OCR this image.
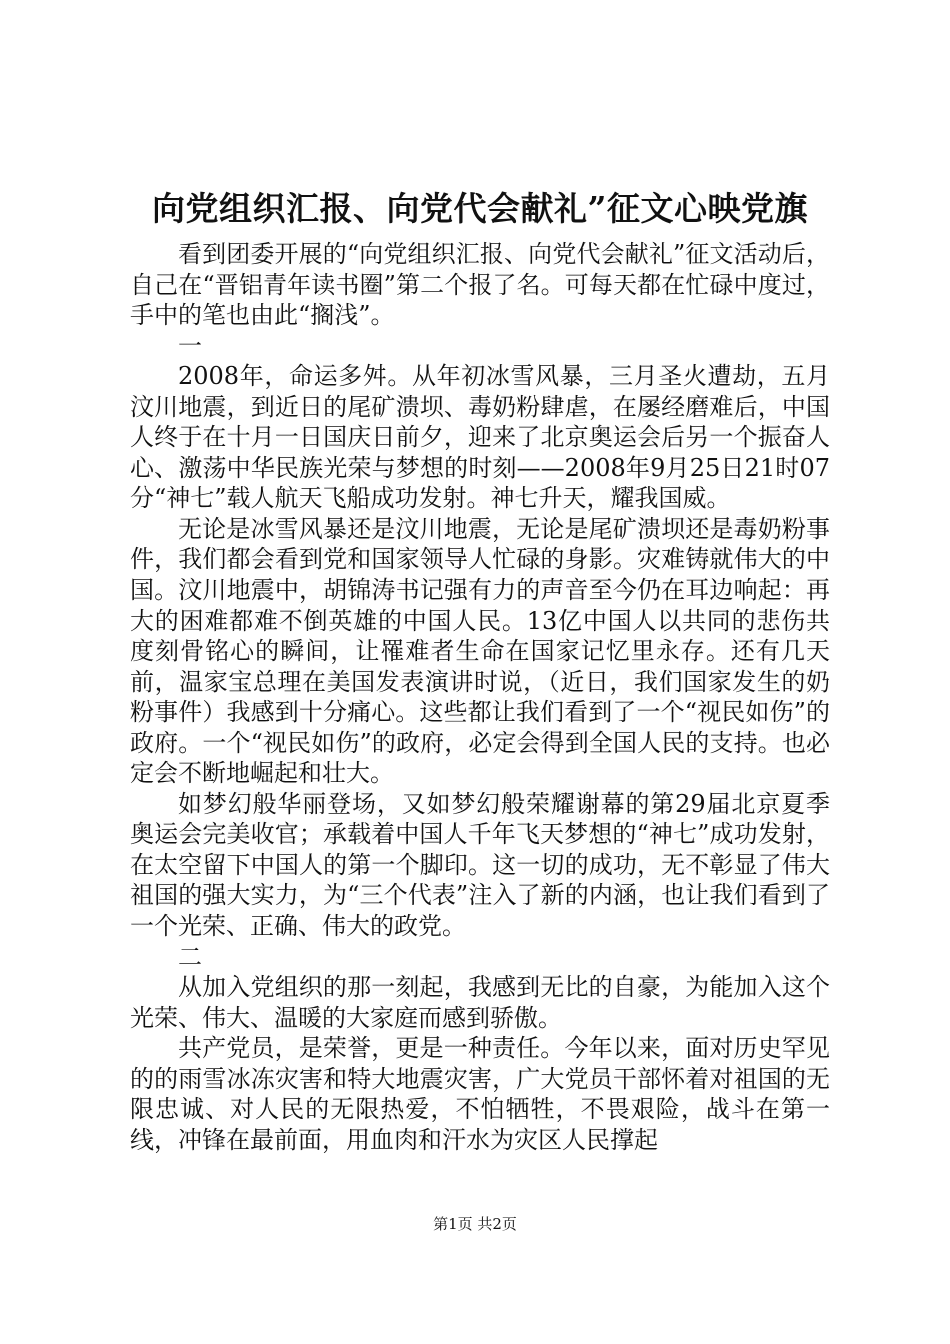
向党组织汇报、向党代会献礼”征文心映党旗

看到团委开展的“向党组织汇报、向党代会献礼”征文活动后，自己在“晋铝青年读书圈”第二个报了名。可每天都在忙碌中度过，手中的笔也由此“搁浅”。

一

2008年，命运多舛。从年初冰雪风暴，三月圣火遭劫，五月汶川地震，到近日的尾矿溃坝、毒奶粉肆虐，在屡经磨难后，中国人终于在十月一日国庆日前夕，迎来了北京奥运会后另一个振奋人心、激荡中华民族光荣与梦想的时刻——2008年9月25日21时07分“神七”载人航天飞船成功发射。神七升天，耀我国威。

无论是冰雪风暴还是汶川地震，无论是尾矿溃坝还是毒奶粉事件，我们都会看到党和国家领导人忙碌的身影。灾难铸就伟大的中国。汶川地震中，胡锦涛书记强有力的声音至今仍在耳边响起：再大的困难都难不倒英雄的中国人民。13亿中国人以共同的悲伤共度刻骨铭心的瞬间，让罹难者生命在国家记忆里永存。还有几天前，温家宝总理在美国发表演讲时说，（近日，我们国家发生的奶粉事件）我感到十分痛心。这些都让我们看到了一个“视民如伤”的政府。一个“视民如伤”的政府，必定会得到全国人民的支持。也必定会不断地崛起和壮大。

如梦幻般华丽登场，又如梦幻般荣耀谢幕的第29届北京夏季奥运会完美收官；承载着中国人千年飞天梦想的“神七”成功发射，在太空留下中国人的第一个脚印。这一切的成功，无不彰显了伟大祖国的强大实力，为“三个代表”注入了新的内涵，也让我们看到了一个光荣、正确、伟大的政党。

二

从加入党组织的那一刻起，我感到无比的自豪，为能加入这个光荣、伟大、温暖的大家庭而感到骄傲。

共产党员，是荣誉，更是一种责任。今年以来，面对历史罕见的的雨雪冰冻灾害和特大地震灾害，广大党员干部怀着对祖国的无限忠诚、对人民的无限热爱，不怕牺牲，不畏艰险，战斗在第一线，冲锋在最前面，用血肉和汗水为灾区人民撑起

第1页 共2页
